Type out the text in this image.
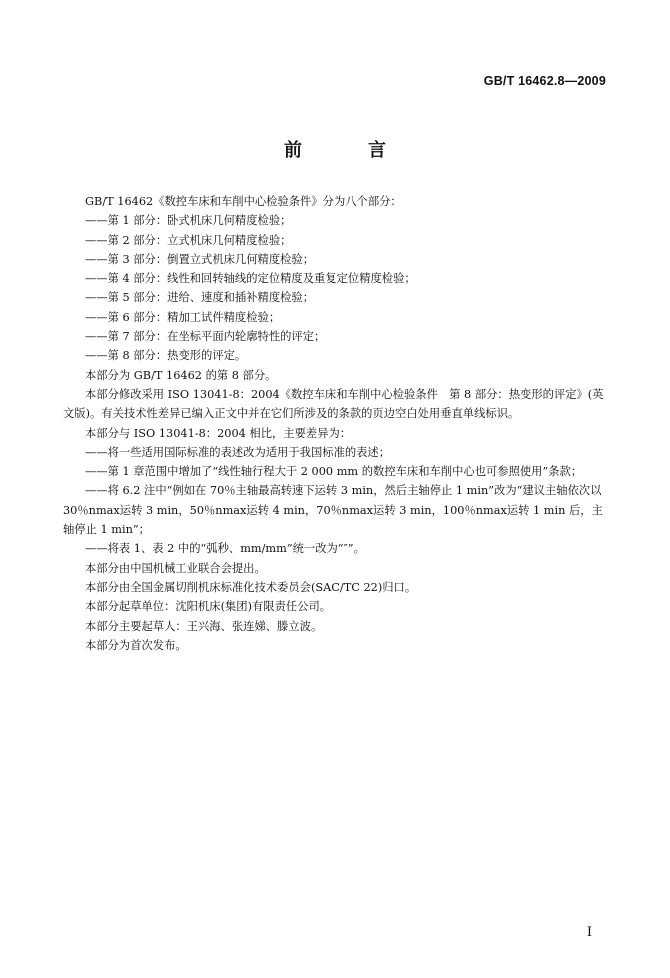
GB/T 16462.8—2009
前　言

GB/T 16462《数控车床和车削中心检验条件》分为八个部分：

——第 1 部分：卧式机床几何精度检验；

——第 2 部分：立式机床几何精度检验；

——第 3 部分：倒置立式机床几何精度检验；

——第 4 部分：线性和回转轴线的定位精度及重复定位精度检验；

——第 5 部分：进给、速度和插补精度检验；

——第 6 部分：精加工试件精度检验；

——第 7 部分：在坐标平面内轮廓特性的评定；

——第 8 部分：热变形的评定。

本部分为 GB/T 16462 的第 8 部分。

本部分修改采用 ISO 13041-8：2004《数控车床和车削中心检验条件　第 8 部分：热变形的评定》(英文版)。有关技术性差异已编入正文中并在它们所涉及的条款的页边空白处用垂直单线标识。

本部分与 ISO 13041-8：2004 相比，主要差异为：

——将一些适用国际标准的表述改为适用于我国标准的表述；

——第 1 章范围中增加了“线性轴行程大于 2 000 mm 的数控车床和车削中心也可参照使用”条款；

——将 6.2 注中“例如在 70％主轴最高转速下运转 3 min，然后主轴停止 1 min”改为“建议主轴依次以 30％nmax运转 3 min，50％nmax运转 4 min，70％nmax运转 3 min，100％nmax运转 1 min 后，主轴停止 1 min”；

——将表 1、表 2 中的“弧秒、mm/mm”统一改为“″”。

本部分由中国机械工业联合会提出。

本部分由全国金属切削机床标准化技术委员会(SAC/TC 22)归口。

本部分起草单位：沈阳机床(集团)有限责任公司。

本部分主要起草人：王兴海、张连娣、滕立波。

本部分为首次发布。

I
